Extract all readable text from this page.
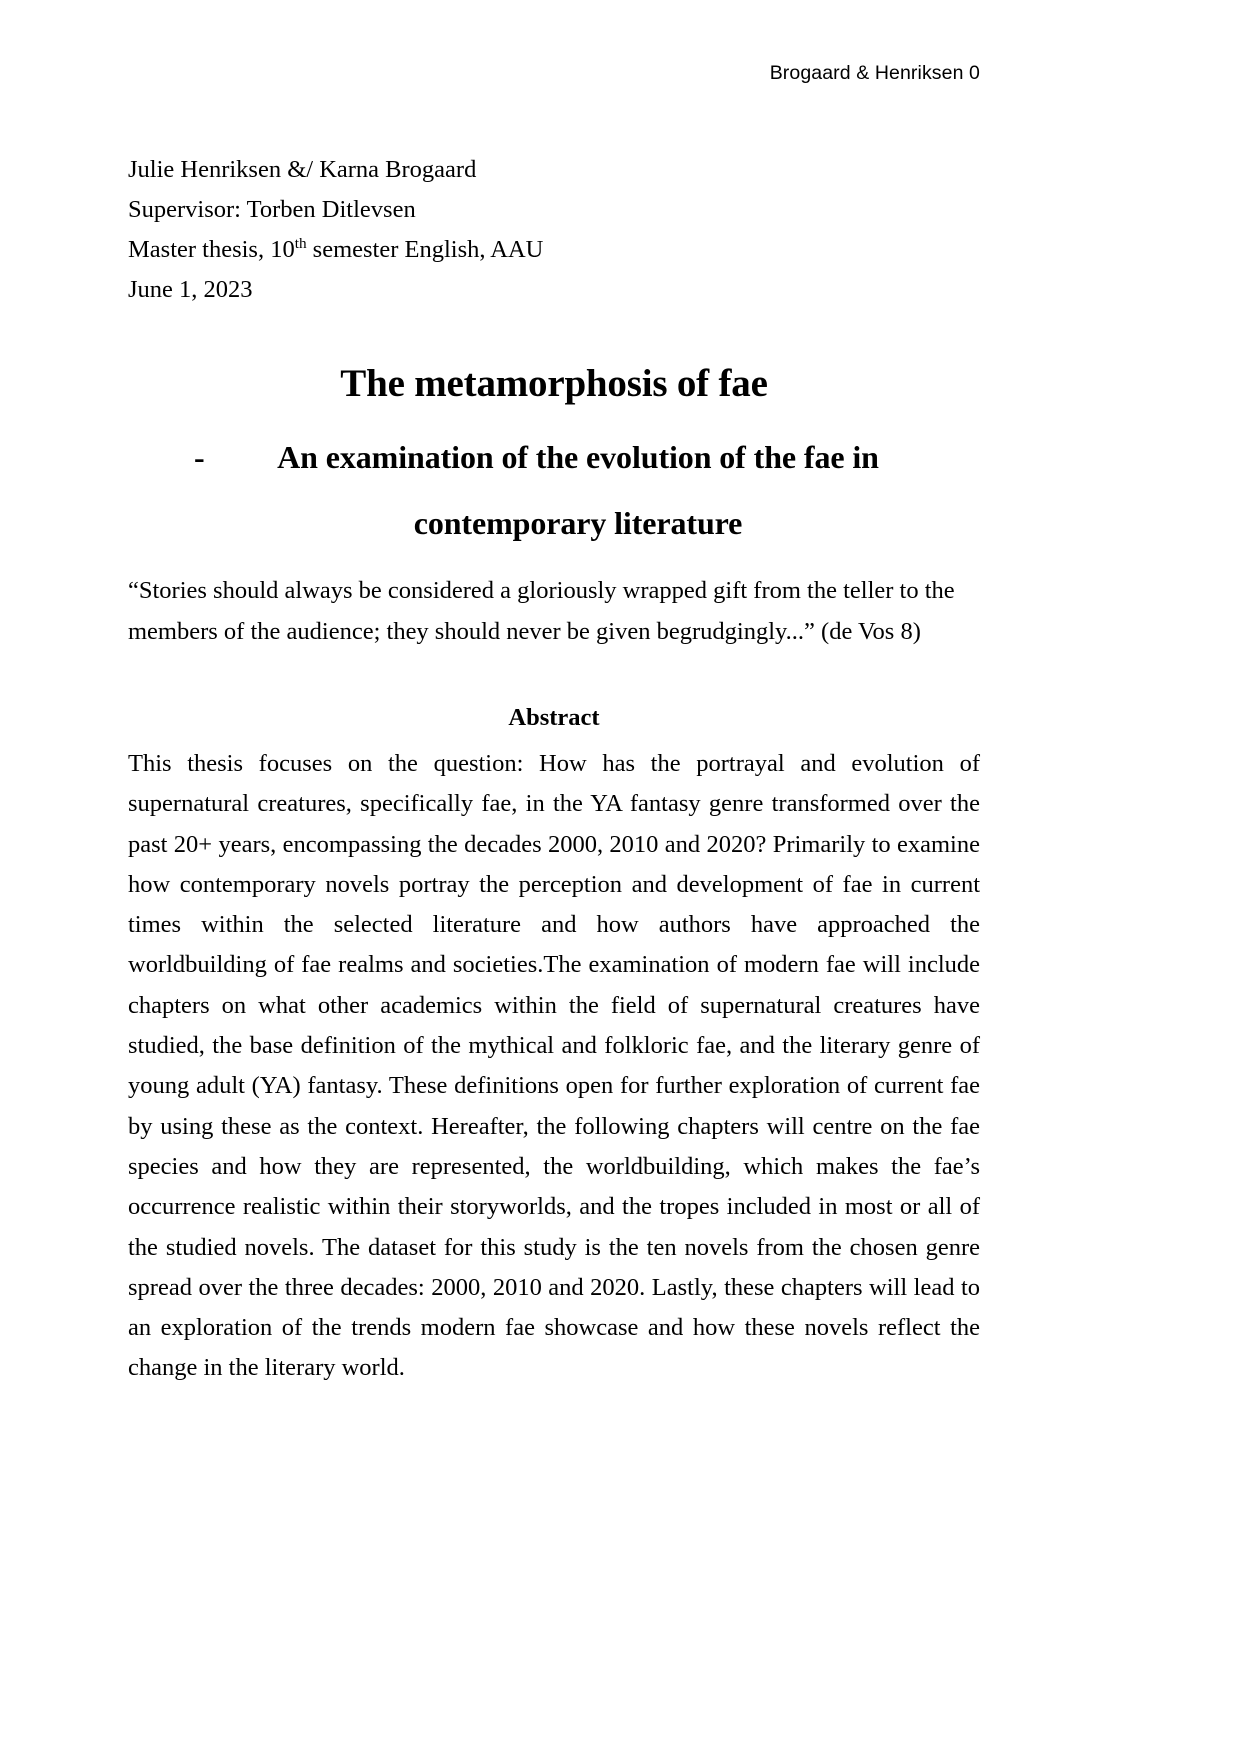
Brogaard & Henriksen 0
Julie Henriksen &/ Karna Brogaard
Supervisor: Torben Ditlevsen
Master thesis, 10th semester English, AAU
June 1, 2023
The metamorphosis of fae
- An examination of the evolution of the fae in
contemporary literature
“Stories should always be considered a gloriously wrapped gift from the teller to the members of the audience; they should never be given begrudgingly...” (de Vos 8)
Abstract
This thesis focuses on the question: How has the portrayal and evolution of supernatural creatures, specifically fae, in the YA fantasy genre transformed over the past 20+ years, encompassing the decades 2000, 2010 and 2020? Primarily to examine how contemporary novels portray the perception and development of fae in current times within the selected literature and how authors have approached the worldbuilding of fae realms and societies.The examination of modern fae will include chapters on what other academics within the field of supernatural creatures have studied, the base definition of the mythical and folkloric fae, and the literary genre of young adult (YA) fantasy. These definitions open for further exploration of current fae by using these as the context. Hereafter, the following chapters will centre on the fae species and how they are represented, the worldbuilding, which makes the fae’s occurrence realistic within their storyworlds, and the tropes included in most or all of the studied novels. The dataset for this study is the ten novels from the chosen genre spread over the three decades: 2000, 2010 and 2020. Lastly, these chapters will lead to an exploration of the trends modern fae showcase and how these novels reflect the change in the literary world.
